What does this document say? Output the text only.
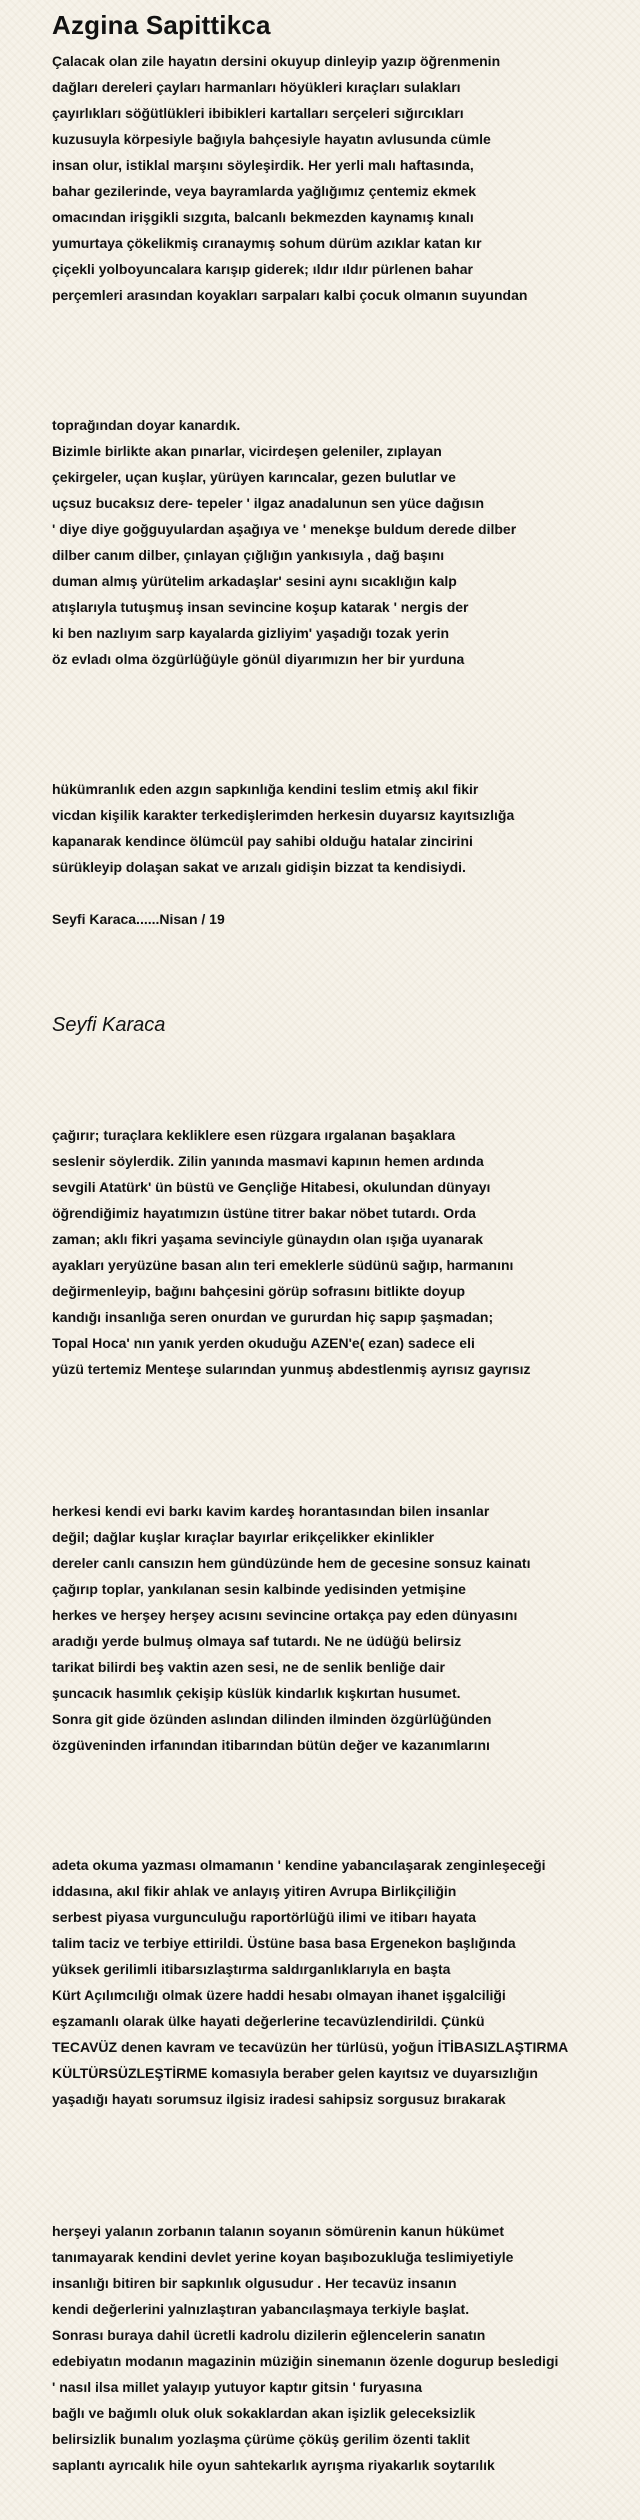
Azgina Sapittikca
Çalacak olan zile hayatın dersini okuyup dinleyip yazıp öğrenmenin
dağları dereleri çayları harmanları höyükleri kıraçları sulakları
çayırlıkları söğütlükleri ibibikleri kartalları serçeleri sığırcıkları
kuzusuyla körpesiyle bağıyla bahçesiyle hayatın avlusunda cümle
insan olur, istiklal marşını söyleşirdik. Her yerli malı haftasında,
bahar gezilerinde, veya bayramlarda yağlığımız çentemiz ekmek
omacından irişgikli sızgıta, balcanlı bekmezden kaynamış kınalı
yumurtaya çökelikmiş cıranaymış sohum dürüm azıklar katan kır
çiçekli yolboyuncalara karışıp giderek; ıldır ıldır pürlenen bahar
perçemleri arasından koyakları sarpaları kalbi çocuk olmanın suyundan
toprağından doyar kanardık.
Bizimle birlikte akan pınarlar, vicirdeşen geleniler, zıplayan
çekirgeler, uçan kuşlar, yürüyen karıncalar, gezen bulutlar ve
uçsuz bucaksız dere- tepeler ' ilgaz anadalunun sen yüce dağısın
' diye diye goğguyulardan aşağıya ve ' menekşe buldum derede dilber
dilber canım dilber, çınlayan çığlığın yankısıyla , dağ başını
duman almış yürütelim arkadaşlar' sesini aynı sıcaklığın kalp
atışlarıyla tutuşmuş insan sevincine koşup katarak ' nergis der
ki ben nazlıyım sarp kayalarda gizliyim' yaşadığı tozak yerin
öz evladı olma özgürlüğüyle gönül diyarımızın her bir yurduna
hükümranlık eden azgın sapkınlığa kendini teslim etmiş akıl fikir
vicdan kişilik karakter terkedişlerimden herkesin duyarsız kayıtsızlığa
kapanarak kendince ölümcül pay sahibi olduğu hatalar zincirini
sürükleyip dolaşan sakat ve arızalı gidişin bizzat ta kendisiydi.
Seyfi Karaca......Nisan / 19
Seyfi Karaca
çağırır; turaçlara kekliklere esen rüzgara ırgalanan başaklara
seslenir söylerdik. Zilin yanında masmavi kapının hemen ardında
sevgili Atatürk' ün büstü ve Gençliğe Hitabesi, okulundan dünyayı
öğrendiğimiz hayatımızın üstüne titrer bakar nöbet tutardı. Orda
zaman; aklı fikri yaşama sevinciyle günaydın olan ışığa uyanarak
ayakları yeryüzüne basan alın teri emeklerle südünü sağıp, harmanını
değirmenleyip, bağını bahçesini görüp sofrasını bitlikte doyup
kandığı insanlığa seren onurdan ve gururdan hiç sapıp şaşmadan;
Topal Hoca' nın yanık yerden okuduğu AZEN'e( ezan) sadece eli
yüzü tertemiz Menteşe sularından yunmuş abdestlenmiş ayrısız gayrısız
herkesi kendi evi barkı kavim kardeş horantasından bilen insanlar
değil; dağlar kuşlar kıraçlar bayırlar erikçelikker ekinlikler
dereler canlı cansızın hem gündüzünde hem de gecesine sonsuz kainatı
çağırıp toplar, yankılanan sesin kalbinde yedisinden yetmişine
herkes ve herşey herşey acısını sevincine ortakça pay eden dünyasını
aradığı yerde bulmuş olmaya saf tutardı. Ne ne üdüğü belirsiz
tarikat bilirdi beş vaktin azen sesi, ne de senlik benliğe dair
şuncacık hasımlık çekişip küslük kindarlık kışkırtan husumet.
Sonra git gide özünden aslından dilinden ilminden özgürlüğünden
özgüveninden irfanından itibarından bütün değer ve kazanımlarını
adeta okuma yazması olmamanın ' kendine yabancılaşarak zenginleşeceği
iddasına, akıl fikir ahlak ve anlayış yitiren Avrupa Birlikçiliğin
serbest piyasa vurgunculuğu raportörlüğü ilimi ve itibarı hayata
talim taciz ve terbiye ettirildi. Üstüne basa basa Ergenekon başlığında
yüksek gerilimli itibarsızlaştırma saldırganlıklarıyla en başta
Kürt Açılımcılığı olmak üzere haddi hesabı olmayan ihanet işgalciliği
eşzamanlı olarak ülke hayati değerlerine tecavüzlendirildi. Çünkü
TECAVÜZ denen kavram ve tecavüzün her türlüsü, yoğun İTİBASIZLAŞTIRMA
KÜLTÜRSÜZLEŞTİRME komasıyla beraber gelen kayıtsız ve duyarsızlığın
yaşadığı hayatı sorumsuz ilgisiz iradesi sahipsiz sorgusuz bırakarak
herşeyi yalanın zorbanın talanın soyanın sömürenin kanun hükümet
tanımayarak kendini devlet yerine koyan başıbozukluğa teslimiyetiyle
insanlığı bitiren bir sapkınlık olgusudur . Her tecavüz insanın
kendi değerlerini yalnızlaştıran yabancılaşmaya terkiyle başlat.
Sonrası buraya dahil ücretli kadrolu dizilerin eğlencelerin sanatın
edebiyatın modanın magazinin müziğin sinemanın özenle dogurup besledigi
' nasıl ilsa millet yalayıp yutuyor kaptır gitsin ' furyasına
bağlı ve bağımlı oluk oluk sokaklardan akan işizlik geleceksizlik
belirsizlik bunalım yozlaşma çürüme çöküş gerilim özenti taklit
saplantı ayrıcalık hile oyun sahtekarlık ayrışma riyakarlık soytarılık
